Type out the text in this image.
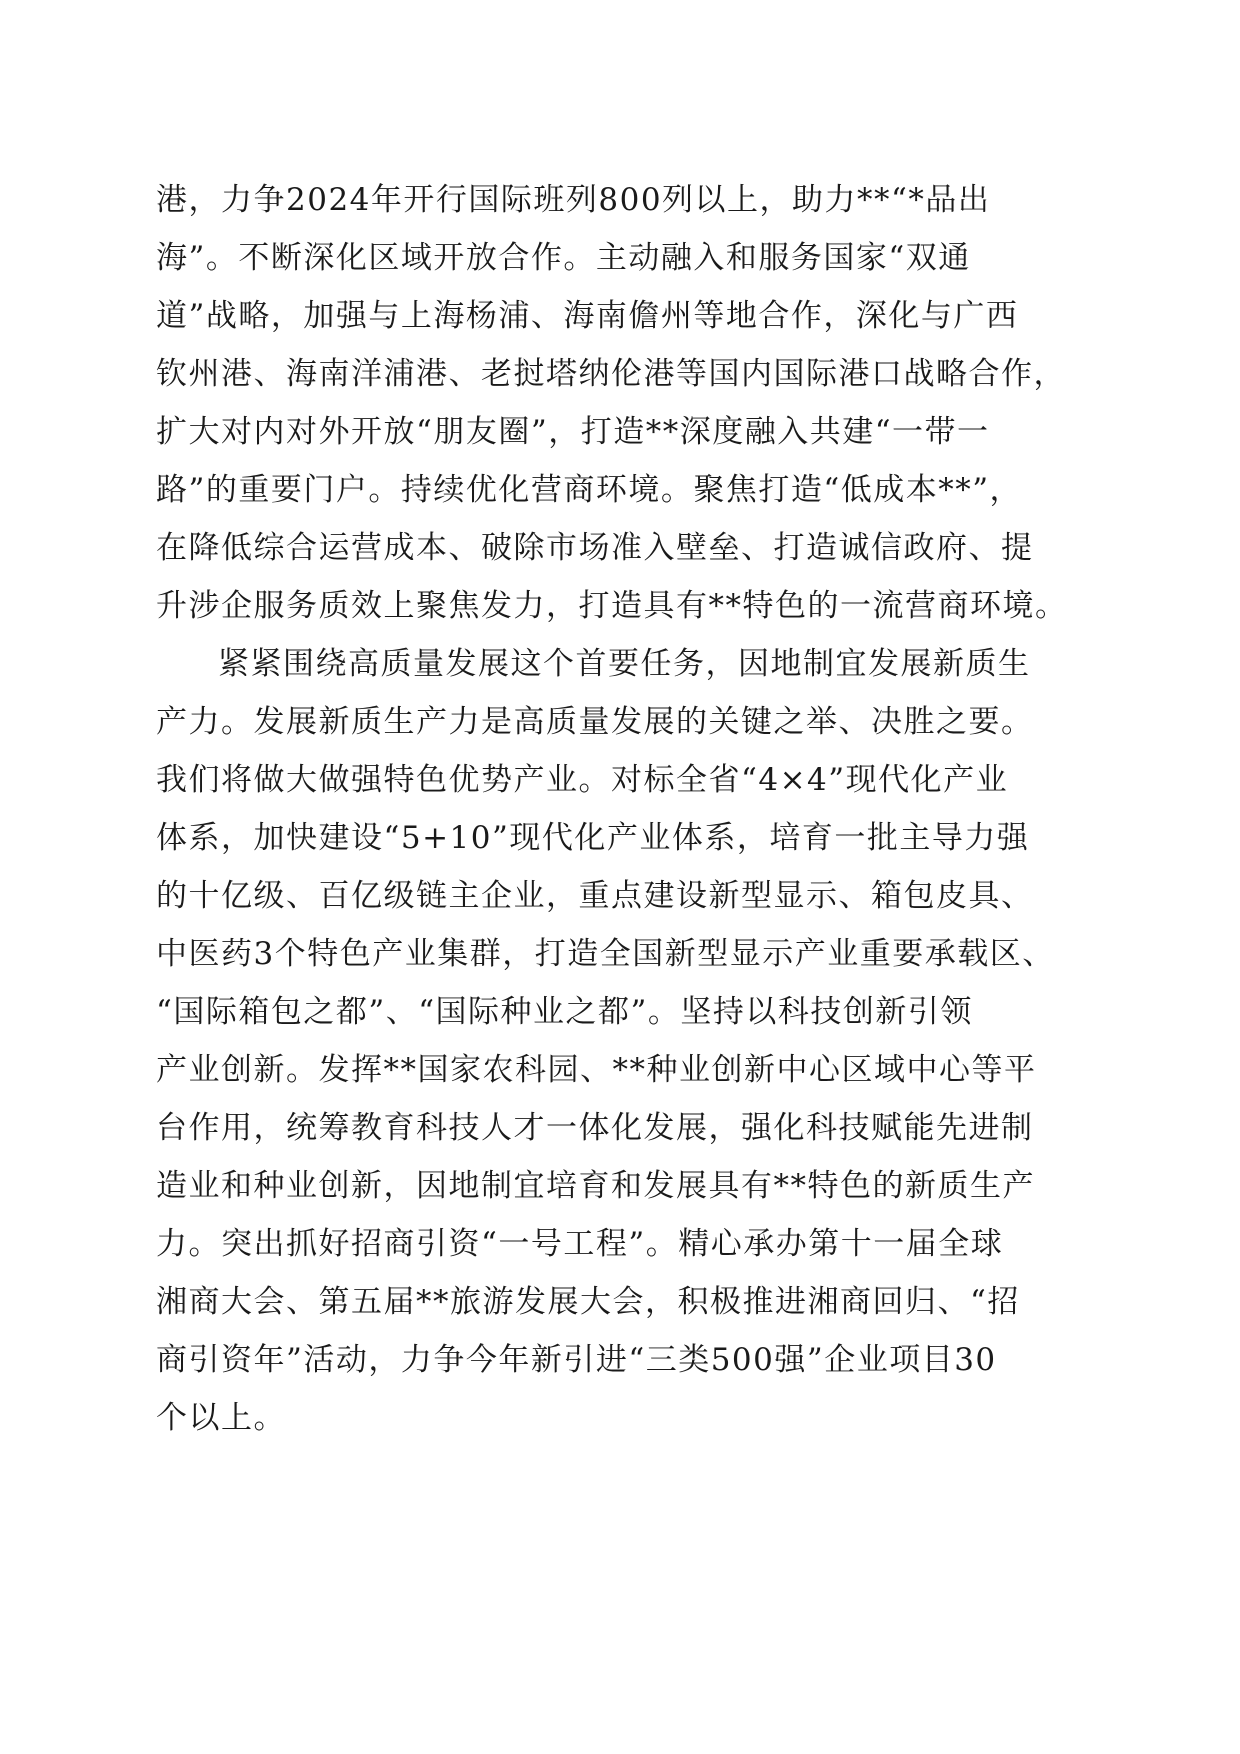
港，力争2024年开行国际班列800列以上，助力**“*品出
海”。不断深化区域开放合作。主动融入和服务国家“双通
道”战略，加强与上海杨浦、海南儋州等地合作，深化与广西
钦州港、海南洋浦港、老挝塔纳伦港等国内国际港口战略合作，
扩大对内对外开放“朋友圈”，打造**深度融入共建“一带一
路”的重要门户。持续优化营商环境。聚焦打造“低成本**”，
在降低综合运营成本、破除市场准入壁垒、打造诚信政府、提
升涉企服务质效上聚焦发力，打造具有**特色的一流营商环境。
紧紧围绕高质量发展这个首要任务，因地制宜发展新质生
产力。发展新质生产力是高质量发展的关键之举、决胜之要。
我们将做大做强特色优势产业。对标全省“4×4”现代化产业
体系，加快建设“5+10”现代化产业体系，培育一批主导力强
的十亿级、百亿级链主企业，重点建设新型显示、箱包皮具、
中医药3个特色产业集群，打造全国新型显示产业重要承载区、
“国际箱包之都”、“国际种业之都”。坚持以科技创新引领
产业创新。发挥**国家农科园、**种业创新中心区域中心等平
台作用，统筹教育科技人才一体化发展，强化科技赋能先进制
造业和种业创新，因地制宜培育和发展具有**特色的新质生产
力。突出抓好招商引资“一号工程”。精心承办第十一届全球
湘商大会、第五届**旅游发展大会，积极推进湘商回归、“招
商引资年”活动，力争今年新引进“三类500强”企业项目30
个以上。
